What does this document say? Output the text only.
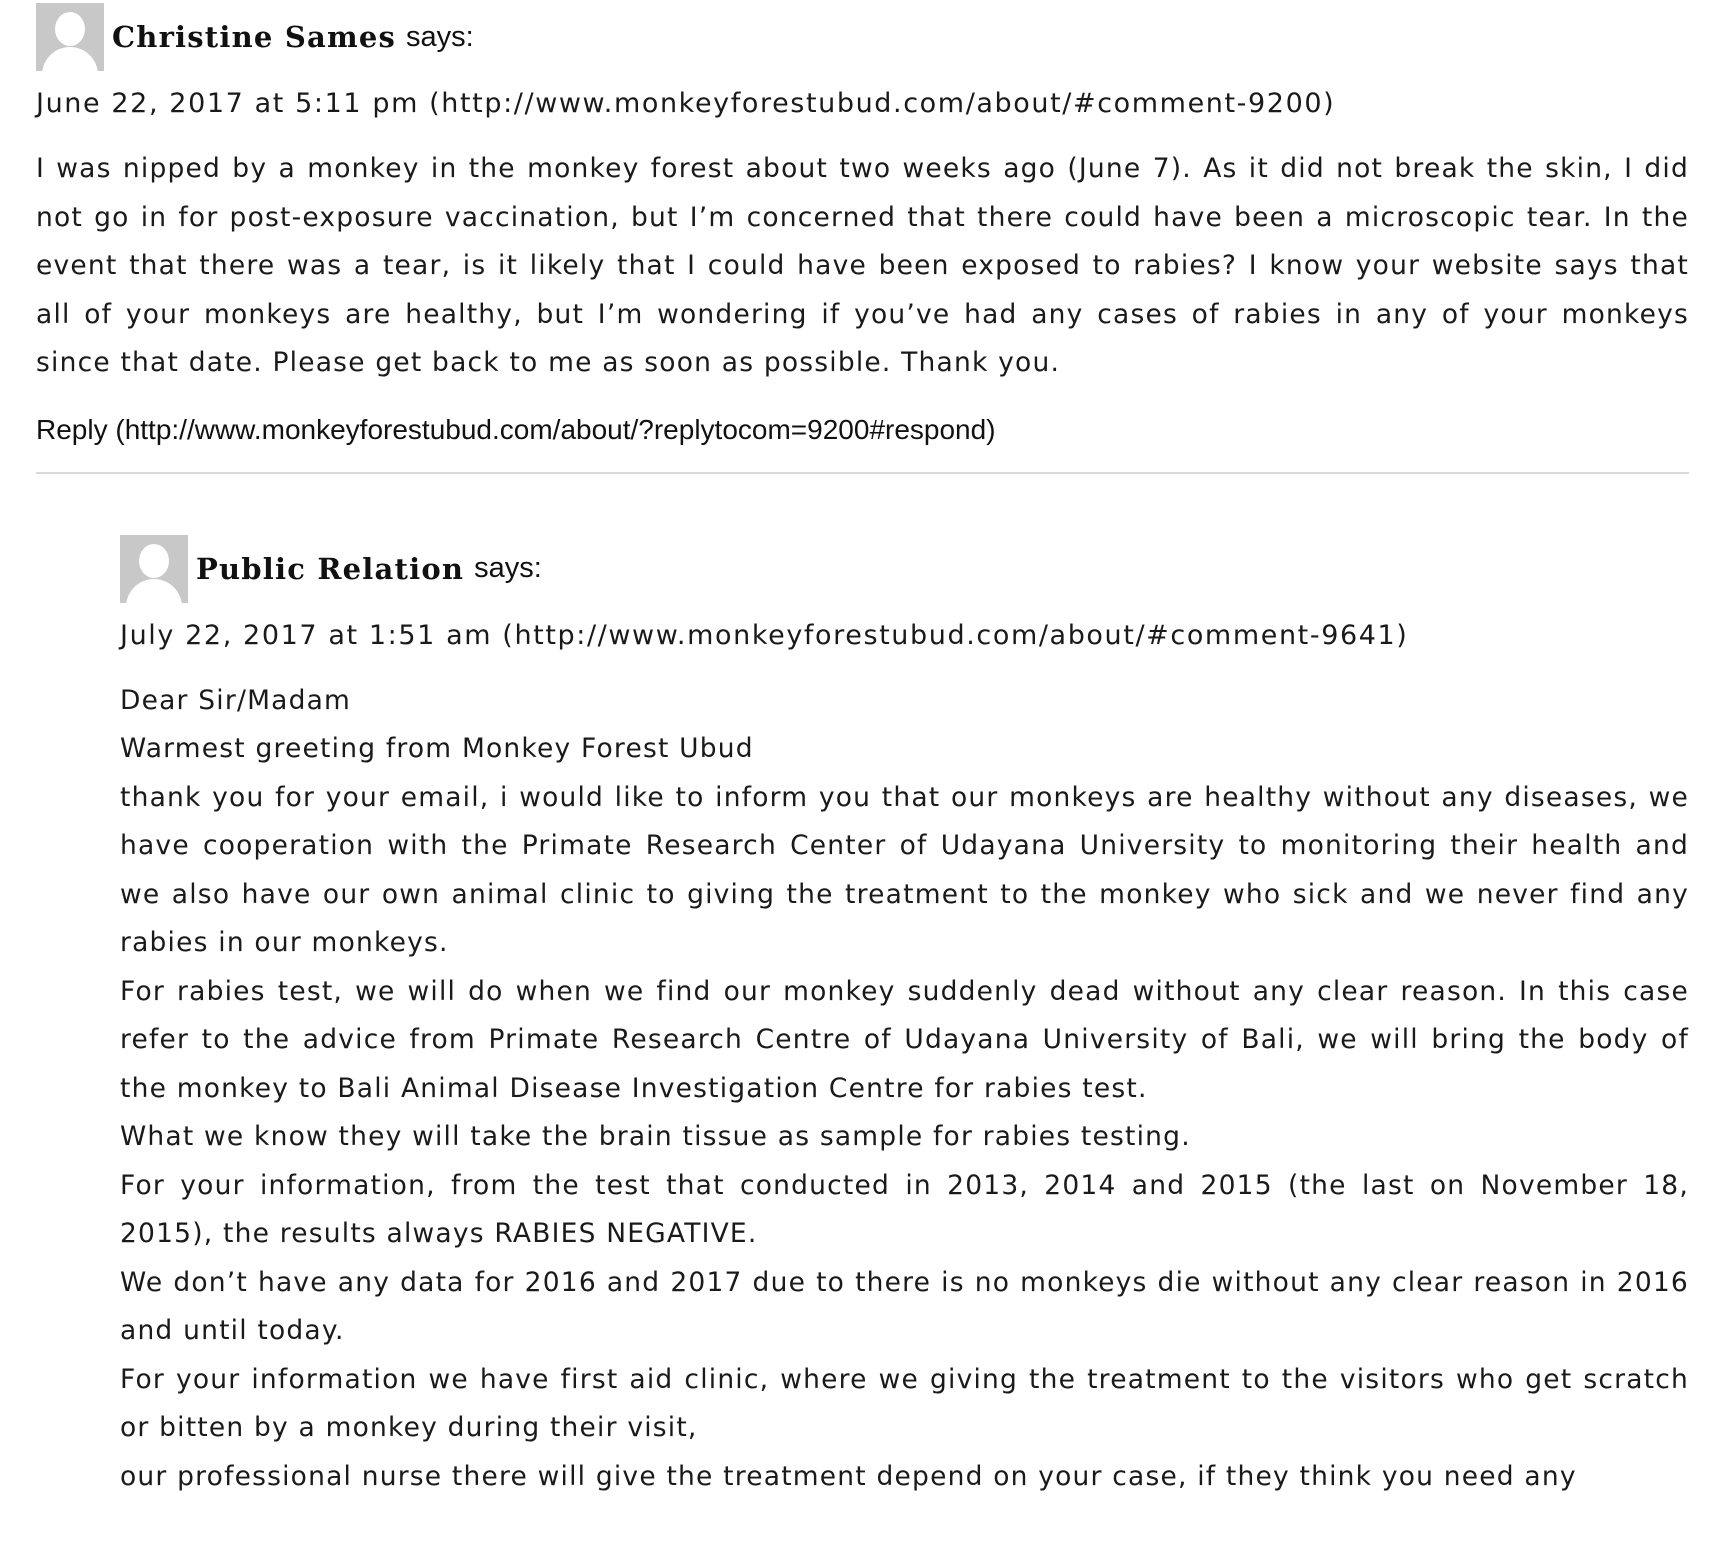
Christine Sames says:
June 22, 2017 at 5:11 pm (http://www.monkeyforestubud.com/about/#comment-9200)

I was nipped by a monkey in the monkey forest about two weeks ago (June 7). As it did not break the skin, I did not go in for post-exposure vaccination, but I’m concerned that there could have been a microscopic tear. In the event that there was a tear, is it likely that I could have been exposed to rabies? I know your website says that all of your monkeys are healthy, but I’m wondering if you’ve had any cases of rabies in any of your monkeys since that date. Please get back to me as soon as possible. Thank you.

Reply (http://www.monkeyforestubud.com/about/?replytocom=9200#respond)
Public Relation says:
July 22, 2017 at 1:51 am (http://www.monkeyforestubud.com/about/#comment-9641)

Dear Sir/Madam

Warmest greeting from Monkey Forest Ubud

thank you for your email, i would like to inform you that our monkeys are healthy without any diseases, we have cooperation with the Primate Research Center of Udayana University to monitoring their health and we also have our own animal clinic to giving the treatment to the monkey who sick and we never find any rabies in our monkeys.

For rabies test, we will do when we find our monkey suddenly dead without any clear reason. In this case refer to the advice from Primate Research Centre of Udayana University of Bali, we will bring the body of the monkey to Bali Animal Disease Investigation Centre for rabies test.

What we know they will take the brain tissue as sample for rabies testing.

For your information, from the test that conducted in 2013, 2014 and 2015 (the last on November 18, 2015), the results always RABIES NEGATIVE.

We don’t have any data for 2016 and 2017 due to there is no monkeys die without any clear reason in 2016 and until today.

For your information we have first aid clinic, where we giving the treatment to the visitors who get scratch or bitten by a monkey during their visit,

our professional nurse there will give the treatment depend on your case, if they think you need any
